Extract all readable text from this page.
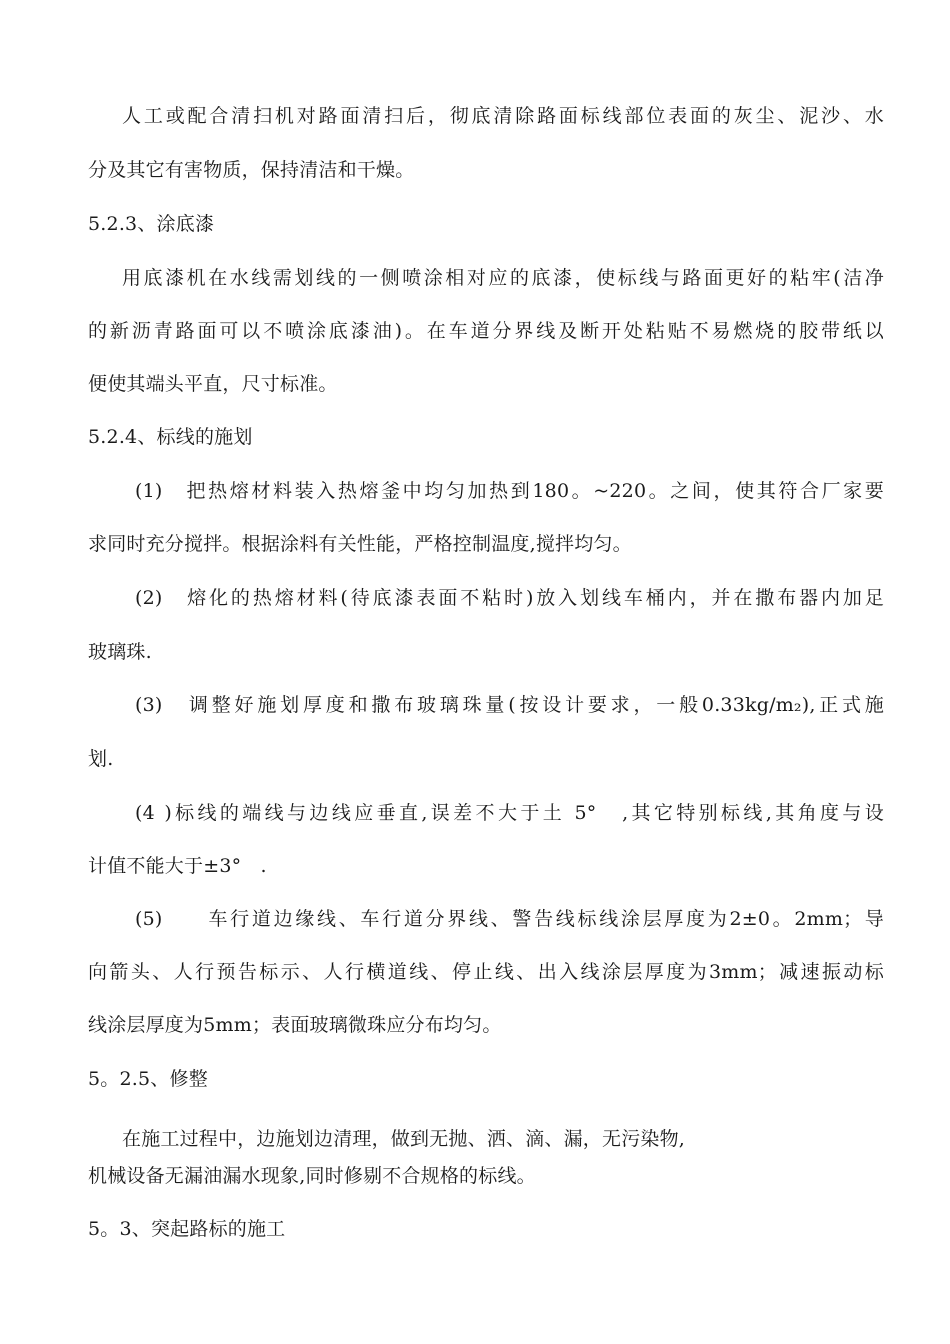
人工或配合清扫机对路面清扫后，彻底清除路面标线部位表面的灰尘、泥沙、水
分及其它有害物质，保持清洁和干燥。
5.2.3、涂底漆
用底漆机在水线需划线的一侧喷涂相对应的底漆，使标线与路面更好的粘牢(洁净
的新沥青路面可以不喷涂底漆油)。在车道分界线及断开处粘贴不易燃烧的胶带纸以
便使其端头平直，尺寸标准。
5.2.4、标线的施划
(1)　把热熔材料装入热熔釜中均匀加热到180。~220。之间，使其符合厂家要
求同时充分搅拌。根据涂料有关性能，严格控制温度,搅拌均匀。
(2)　熔化的热熔材料(待底漆表面不粘时)放入划线车桶内，并在撒布器内加足
玻璃珠.
(3)　调整好施划厚度和撒布玻璃珠量(按设计要求，一般0.33kg/m₂),正式施
划.
(4 )标线的端线与边线应垂直,误差不大于土 5°　,其它特别标线,其角度与设
计值不能大于±3°　.
(5)　　车行道边缘线、车行道分界线、警告线标线涂层厚度为2±0。2mm；导
向箭头、人行预告标示、人行横道线、停止线、出入线涂层厚度为3mm；减速振动标
线涂层厚度为5mm；表面玻璃微珠应分布均匀。
5。2.5、修整
在施工过程中，边施划边清理，做到无抛、洒、滴、漏，无污染物,
机械设备无漏油漏水现象,同时修剔不合规格的标线。
5。3、突起路标的施工
